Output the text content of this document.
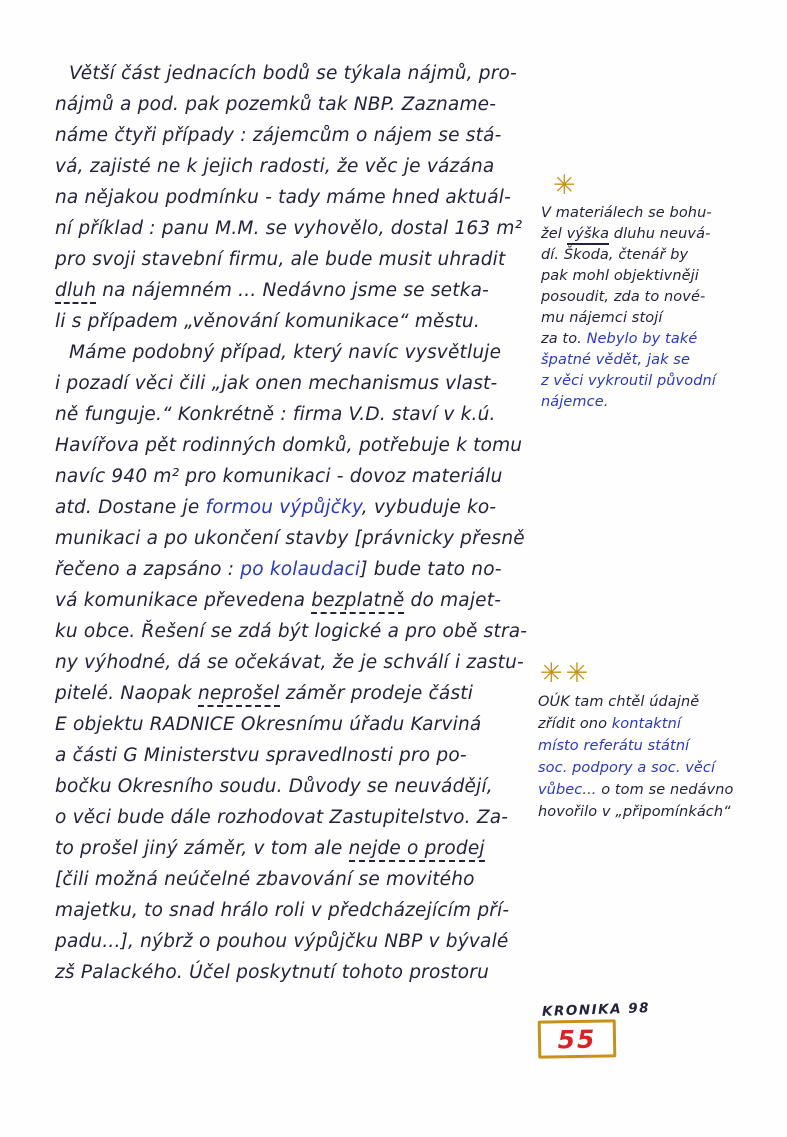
Větší část jednacích bodů se týkala nájmů, pro-
nájmů a pod. pak pozemků tak NBP. Zazname-
náme čtyři případy : zájemcům o nájem se stá-
vá, zajisté ne k jejich radosti, že věc je vázána
na nějakou podmínku - tady máme hned aktuál-
ní příklad : panu M.M. se vyhovělo, dostal 163 m²
pro svoji stavební firmu, ale bude musit uhradit
dluh na nájemném ... Nedávno jsme se setka-
li s případem „věnování komunikace“ městu.
Máme podobný případ, který navíc vysvětluje
i pozadí věci čili „jak onen mechanismus vlast-
ně funguje.“ Konkrétně : firma V.D. staví v k.ú.
Havířova pět rodinných domků, potřebuje k tomu
navíc 940 m² pro komunikaci - dovoz materiálu
atd. Dostane je formou výpůjčky, vybuduje ko-
munikaci a po ukončení stavby [právnicky přesně
řečeno a zapsáno : po kolaudaci] bude tato no-
vá komunikace převedena bezplatně do majet-
ku obce. Řešení se zdá být logické a pro obě stra-
ny výhodné, dá se očekávat, že je schválí i zastu-
pitelé. Naopak neprošel záměr prodeje části
E objektu RADNICE Okresnímu úřadu Karviná
a části G Ministerstvu spravedlnosti pro po-
bočku Okresního soudu. Důvody se neuvádějí,
o věci bude dále rozhodovat Zastupitelstvo. Za-
to prošel jiný záměr, v tom ale nejde o prodej
[čili možná neúčelné zbavování se movitého
majetku, to snad hrálo roli v předcházejícím pří-
padu...], nýbrž o pouhou výpůjčku NBP v bývalé
zš Palackého. Účel poskytnutí tohoto prostoru
✳
V materiálech se bohu-
žel výška dluhu neuvá-
dí. Škoda, čtenář by
pak mohl objektivněji
posoudit, zda to nové-
mu nájemci stojí
za to. Nebylo by také
špatné vědět, jak se
z věci vykroutil původní
nájemce.
✳✳
OÚK tam chtěl údajně
zřídit ono kontaktní
místo referátu státní
soc. podpory a soc. věcí
vůbec... o tom se nedávno
hovořilo v „připomínkách“
KRONIKA 98
55
